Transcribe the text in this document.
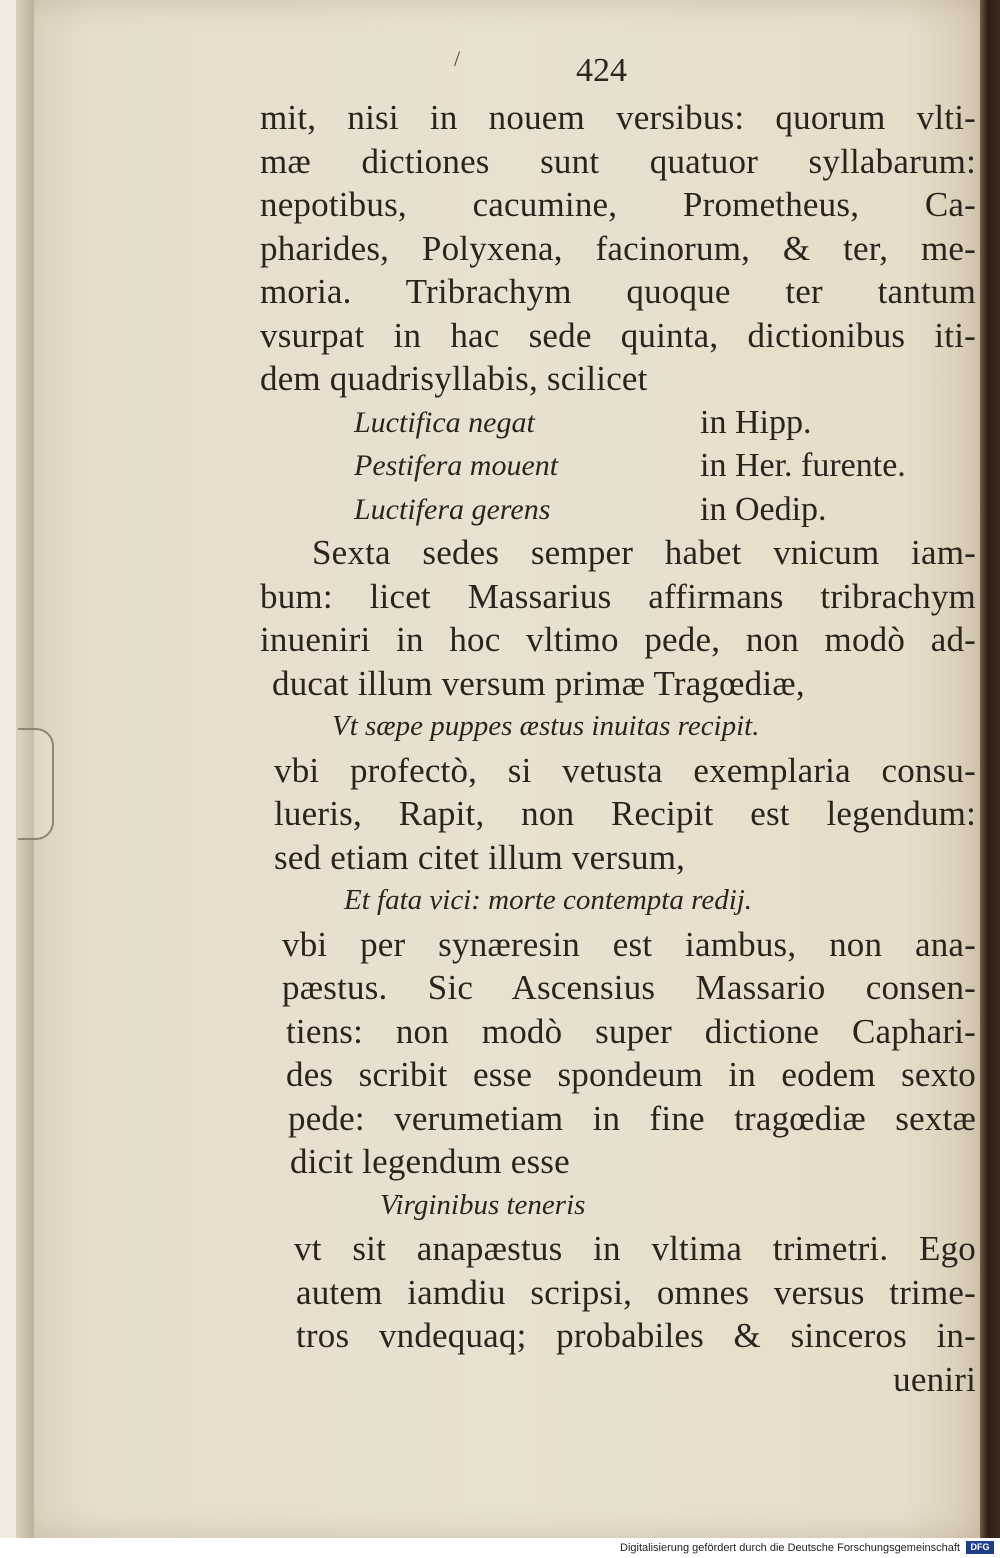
/	424
mit, nisi in nouem versibus: quorum vlti-
mæ dictiones sunt quatuor syllabarum:
nepotibus, cacumine, Prometheus, Ca-
pharides, Polyxena, facinorum, & ter, me-
moria. Tribrachym quoque ter tantum
vsurpat in hac sede quinta, dictionibus iti-
dem quadrisyllabis, scilicet
Luctifica negat	in Hipp.
Pestifera mouent	in Her. furente.
Luctifera gerens	in Oedip.
Sexta sedes semper habet vnicum iam-
bum: licet Massarius affirmans tribrachym
inueniri in hoc vltimo pede, non modò ad-
ducat illum versum primæ Tragœdiæ,
Vt sæpe puppes æstus inuitas recipit.
vbi profectò, si vetusta exemplaria consu-
lueris, Rapit, non Recipit est legendum:
sed etiam citet illum versum,
Et fata vici: morte contempta redij.
vbi per synæresin est iambus, non ana-
pæstus. Sic Ascensius Massario consen-
tiens: non modò super dictione Caphari-
des scribit esse spondeum in eodem sexto
pede: verumetiam in fine tragœdiæ sextæ
dicit legendum esse
Virginibus teneris
vt sit anapæstus in vltima trimetri. Ego
autem iamdiu scripsi, omnes versus trime-
tros vndequaq; probabiles & sinceros in-
ueniri
Digitalisierung gefördert durch die Deutsche Forschungsgemeinschaft	DFG
